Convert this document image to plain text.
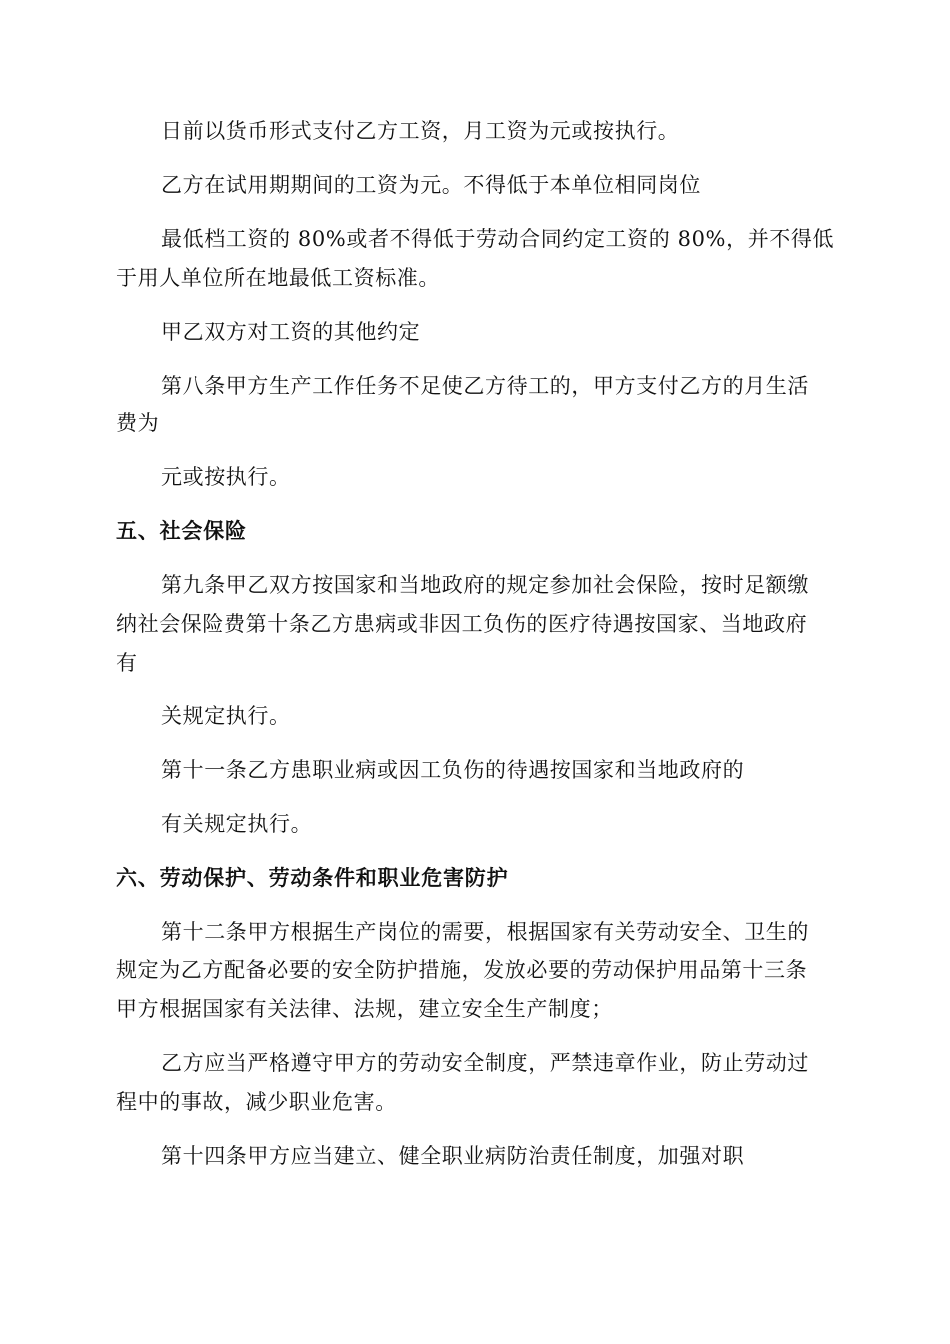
日前以货币形式支付乙方工资，月工资为元或按执行。
乙方在试用期期间的工资为元。不得低于本单位相同岗位
最低档工资的 80%或者不得低于劳动合同约定工资的 80%，并不得低
于用人单位所在地最低工资标准。
甲乙双方对工资的其他约定
第八条甲方生产工作任务不足使乙方待工的，甲方支付乙方的月生活
费为
元或按执行。
五、社会保险
第九条甲乙双方按国家和当地政府的规定参加社会保险，按时足额缴
纳社会保险费第十条乙方患病或非因工负伤的医疗待遇按国家、当地政府
有
关规定执行。
第十一条乙方患职业病或因工负伤的待遇按国家和当地政府的
有关规定执行。
六、劳动保护、劳动条件和职业危害防护
第十二条甲方根据生产岗位的需要，根据国家有关劳动安全、卫生的
规定为乙方配备必要的安全防护措施，发放必要的劳动保护用品第十三条
甲方根据国家有关法律、法规，建立安全生产制度；
乙方应当严格遵守甲方的劳动安全制度，严禁违章作业，防止劳动过
程中的事故，减少职业危害。
第十四条甲方应当建立、健全职业病防治责任制度，加强对职
